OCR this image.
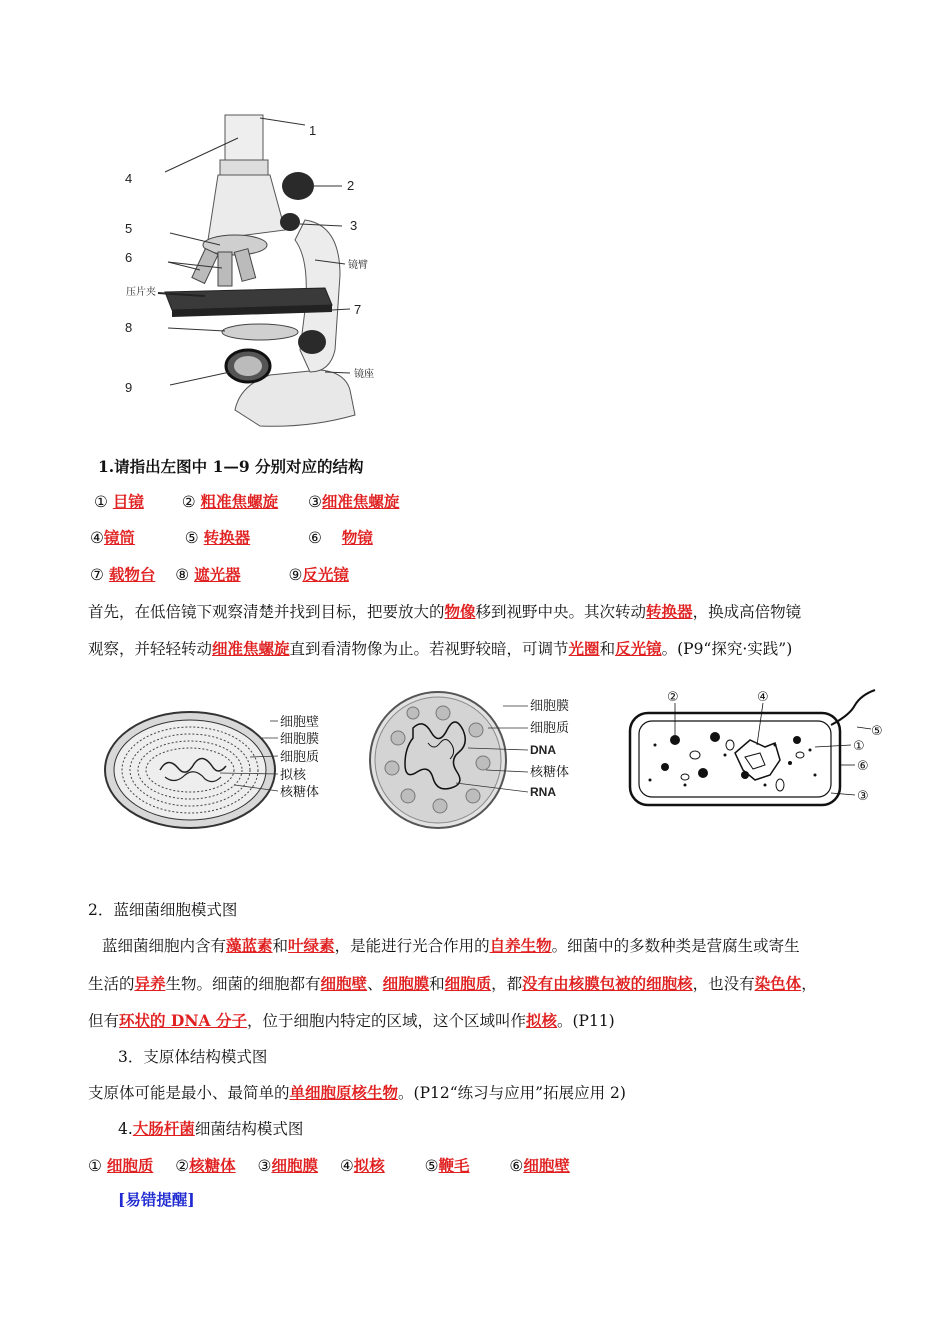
1
2
3
4
5
6
7
8
9
镜臂
压片夹
镜座
1.请指出左图中 1—9 分别对应的结构
① 目镜 ② 粗准焦螺旋 ③细准焦螺旋
④镜筒	⑤ 转换器	⑥ 物镜
⑦ 载物台 ⑧ 遮光器	⑨反光镜
首先，在低倍镜下观察清楚并找到目标，把要放大的物像移到视野中央。其次转动转换器，换成高倍物镜
观察，并轻轻转动细准焦螺旋直到看清物像为止。若视野较暗，可调节光圈和反光镜。(P9“探究·实践”)
细胞壁
细胞膜
细胞质
拟核
核糖体
细胞膜
细胞质
DNA
核糖体
RNA
②	④
⑤
①
⑥
③
2．蓝细菌细胞模式图
蓝细菌细胞内含有藻蓝素和叶绿素，是能进行光合作用的自养生物。细菌中的多数种类是营腐生或寄生
生活的异养生物。细菌的细胞都有细胞壁、细胞膜和细胞质，都没有由核膜包被的细胞核，也没有染色体，
但有环状的 DNA 分子，位于细胞内特定的区域，这个区域叫作拟核。(P11)
3．支原体结构模式图
支原体可能是最小、最简单的单细胞原核生物。(P12“练习与应用”拓展应用 2)
4.大肠杆菌细菌结构模式图
① 细胞质 ②核糖体 ③细胞膜 ④拟核	⑤鞭毛	⑥细胞壁
[易错提醒]
